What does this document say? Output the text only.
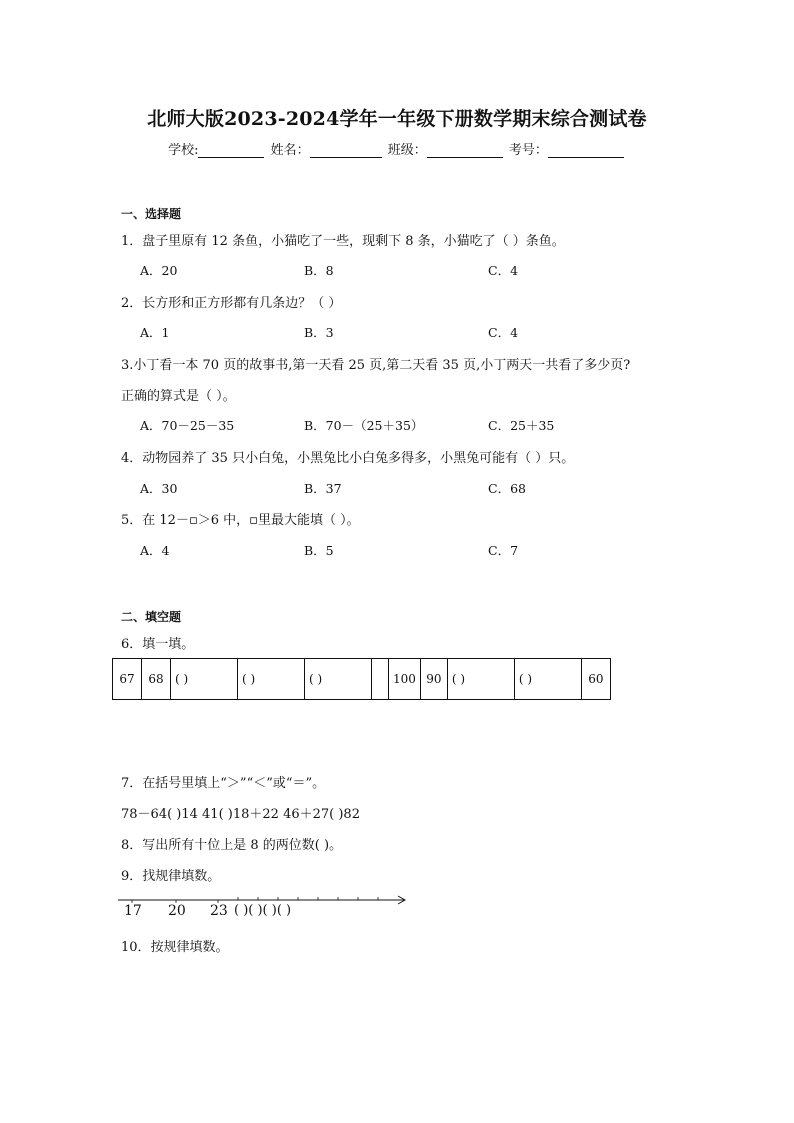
北师大版2023-2024学年一年级下册数学期末综合测试卷
学校:	姓名：	班级：	考号：
一、选择题
1．盘子里原有 12 条鱼，小猫吃了一些，现剩下 8 条，小猫吃了（ ）条鱼。
A．20	B．8	C．4
2．长方形和正方形都有几条边？（ ）
A．1	B．3	C．4
3.小丁看一本 70 页的故事书,第一天看 25 页,第二天看 35 页,小丁两天一共看了多少页?
正确的算式是（ ）。
A．70－25－35	B．70－（25＋35）	C．25＋35
4．动物园养了 35 只小白兔，小黑兔比小白兔多得多，小黑兔可能有（ ）只。
A．30	B．37	C．68
5．在 12－▫＞6 中，▫里最大能填（ ）。
A．4	B．5	C．7
二、填空题
6．填一填。
67	68	( )	( )	( )		100	90	( )	( )	60
7．在括号里填上“＞”“＜”或“＝”。
78－64( )14 41( )18＋22 46＋27( )82
8．写出所有十位上是 8 的两位数( )。
9．找规律填数。
17 20 23 ( )( )( )( )
10．按规律填数。
